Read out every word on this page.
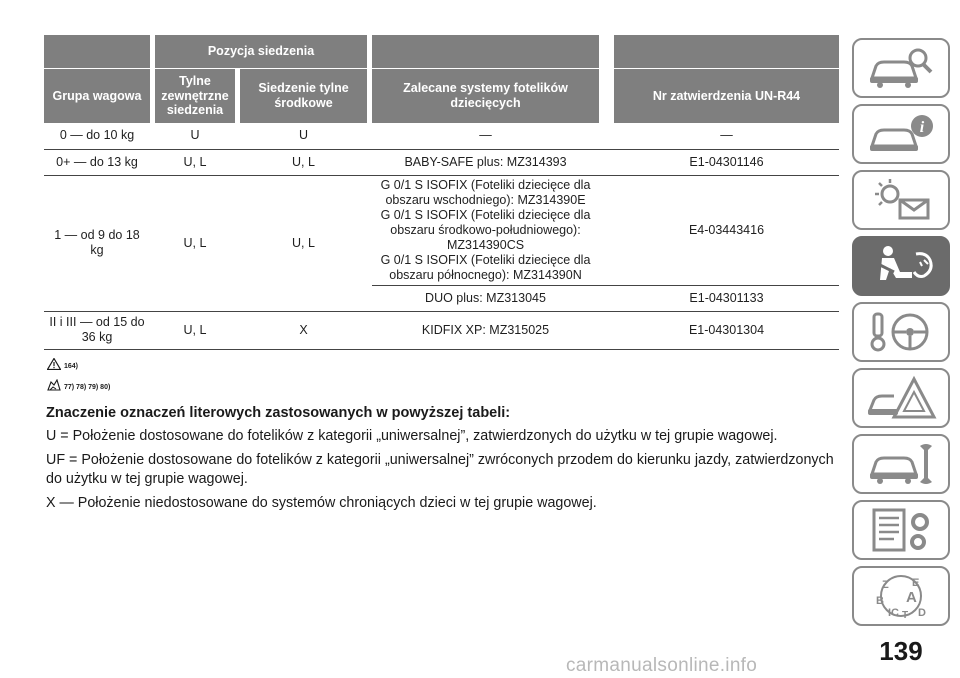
		Pozycja siedzenia						
Grupa wagowa		Tylne zewnętrzne siedzenia		Siedzenie tylne środkowe		Zalecane systemy fotelików dziecięcych		Nr zatwierdzenia UN-R44
0 — do 10 kg		U		U		—		—
0+ — do 13 kg		U, L		U, L		BABY-SAFE plus: MZ314393		E1-04301146
1 — od 9 do 18 kg		U, L		U, L		G 0/1 S ISOFIX (Foteliki dziecięce dla obszaru wschodniego): MZ314390E
G 0/1 S ISOFIX (Foteliki dziecięce dla obszaru środkowo-południowego): MZ314390CS
G 0/1 S ISOFIX (Foteliki dziecięce dla obszaru północnego): MZ314390N		E4-03443416
						DUO plus: MZ313045		E1-04301133
II i III — od 15 do 36 kg		U, L		X		KIDFIX XP: MZ315025		E1-04301304
164)
77) 78) 79) 80)
Znaczenie oznaczeń literowych zastosowanych w powyższej tabeli:

U = Położenie dostosowane do fotelików z kategorii „uniwersalnej”, zatwierdzonych do użytku w tej grupie wagowej.

UF = Położenie dostosowane do fotelików z kategorii „uniwersalnej” zwróconych przodem do kierunku jazdy, zatwierdzonych do użytku w tej grupie wagowej.

X — Położenie niedostosowane do systemów chroniących dzieci w tej grupie wagowej.

i
Z E
B A
IC T D
139
carmanualsonline.info
